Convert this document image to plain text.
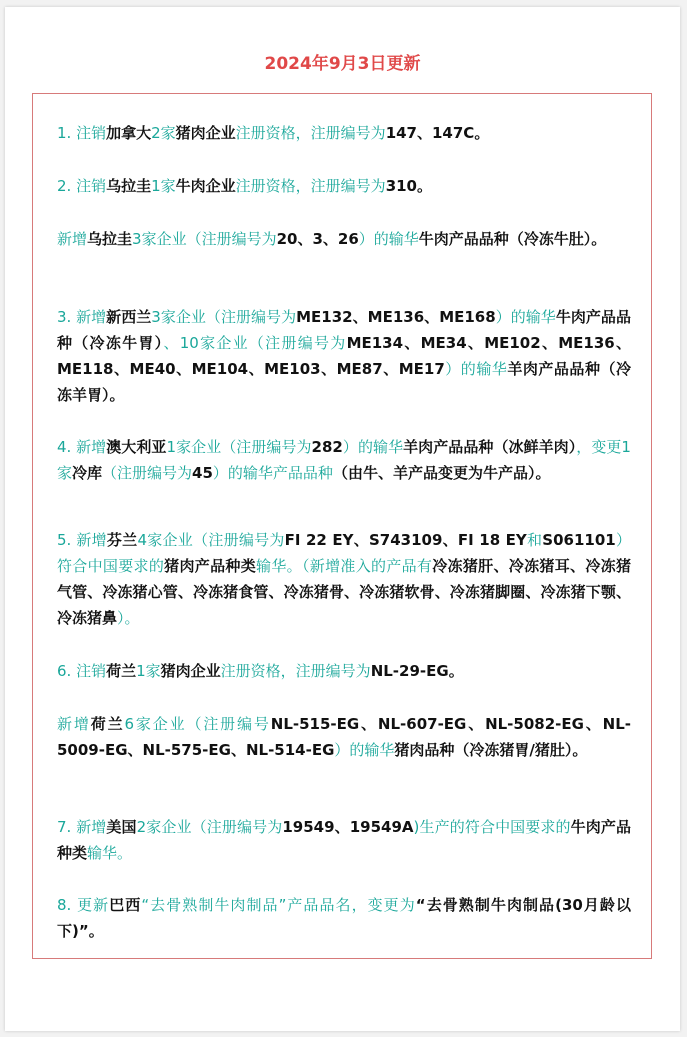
2024年9月3日更新

1. 注销加拿大2家猪肉企业注册资格，注册编号为147、147C。

2. 注销乌拉圭1家牛肉企业注册资格，注册编号为310。

新增乌拉圭3家企业（注册编号为20、3、26）的输华牛肉产品品种（冷冻牛肚）。

3. 新增新西兰3家企业（注册编号为ME132、ME136、ME168）的输华牛肉产品品种（冷冻牛胃）、10家企业（注册编号为ME134、ME34、ME102、ME136、ME118、ME40、ME104、ME103、ME87、ME17）的输华羊肉产品品种（冷冻羊胃）。

4. 新增澳大利亚1家企业（注册编号为282）的输华羊肉产品品种（冰鲜羊肉），变更1家冷库（注册编号为45）的输华产品品种（由牛、羊产品变更为牛产品）。

5. 新增芬兰4家企业（注册编号为FI 22 EY、S743109、FI 18 EY和S061101）符合中国要求的猪肉产品种类输华。（新增准入的产品有冷冻猪肝、冷冻猪耳、冷冻猪气管、冷冻猪心管、冷冻猪食管、冷冻猪骨、冷冻猪软骨、冷冻猪脚圈、冷冻猪下颚、冷冻猪鼻）。

6. 注销荷兰1家猪肉企业注册资格，注册编号为NL-29-EG。

新增荷兰6家企业（注册编号NL-515-EG、NL-607-EG、NL-5082-EG、NL-5009-EG、NL-575-EG、NL-514-EG）的输华猪肉品种（冷冻猪胃/猪肚）。

7. 新增美国2家企业（注册编号为19549、19549A)生产的符合中国要求的牛肉产品种类输华。

8. 更新巴西“去骨熟制牛肉制品”产品品名，变更为“去骨熟制牛肉制品(30月龄以下)”。
